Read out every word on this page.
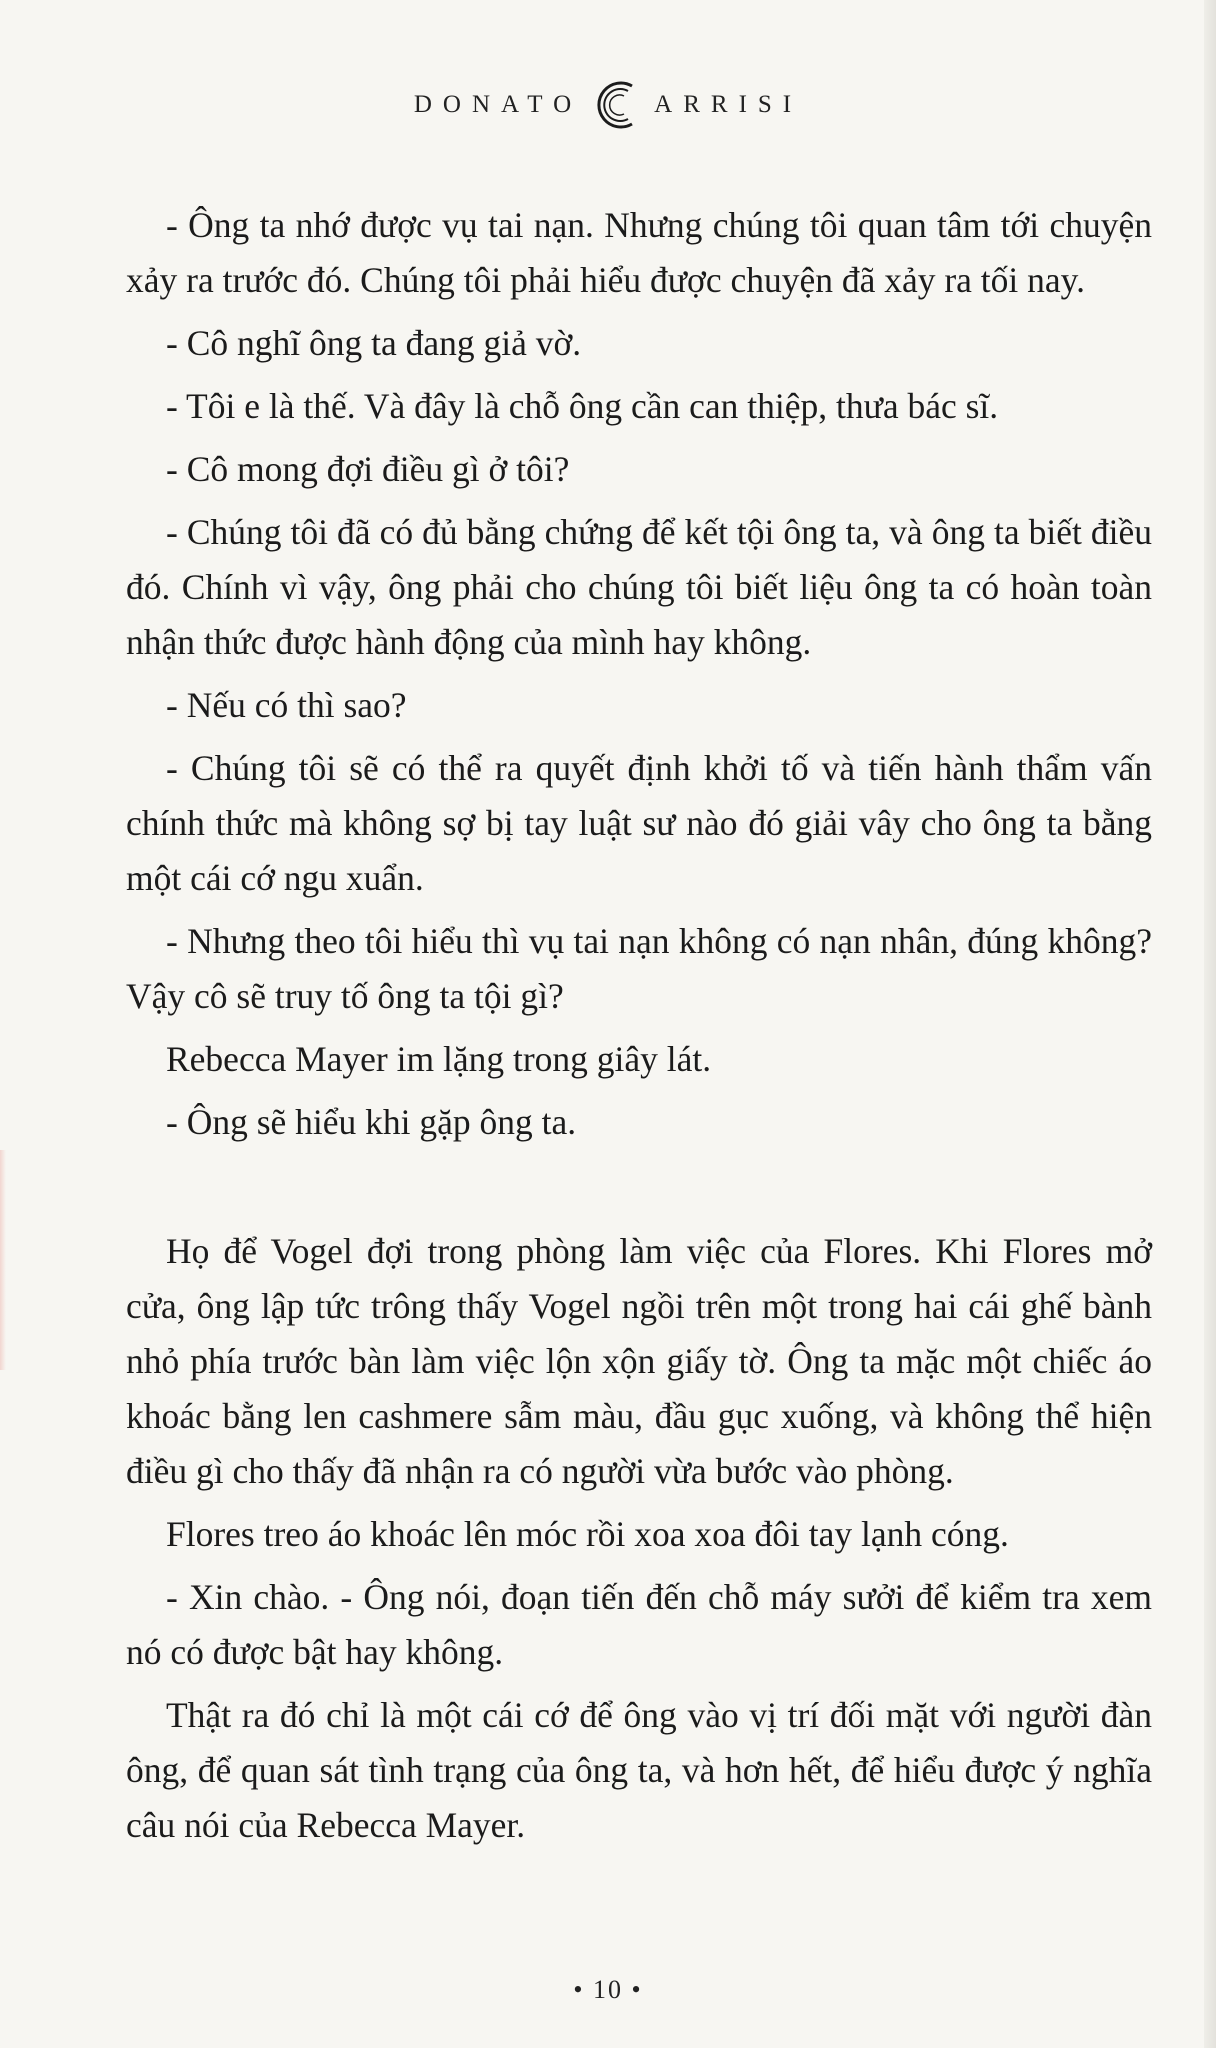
DONATO	ARRISI

- Ông ta nhớ được vụ tai nạn. Nhưng chúng tôi quan tâm tới chuyện xảy ra trước đó. Chúng tôi phải hiểu được chuyện đã xảy ra tối nay.

- Cô nghĩ ông ta đang giả vờ.

- Tôi e là thế. Và đây là chỗ ông cần can thiệp, thưa bác sĩ.

- Cô mong đợi điều gì ở tôi?

- Chúng tôi đã có đủ bằng chứng để kết tội ông ta, và ông ta biết điều đó. Chính vì vậy, ông phải cho chúng tôi biết liệu ông ta có hoàn toàn nhận thức được hành động của mình hay không.

- Nếu có thì sao?

- Chúng tôi sẽ có thể ra quyết định khởi tố và tiến hành thẩm vấn chính thức mà không sợ bị tay luật sư nào đó giải vây cho ông ta bằng một cái cớ ngu xuẩn.

- Nhưng theo tôi hiểu thì vụ tai nạn không có nạn nhân, đúng không? Vậy cô sẽ truy tố ông ta tội gì?

Rebecca Mayer im lặng trong giây lát.

- Ông sẽ hiểu khi gặp ông ta.

Họ để Vogel đợi trong phòng làm việc của Flores. Khi Flores mở cửa, ông lập tức trông thấy Vogel ngồi trên một trong hai cái ghế bành nhỏ phía trước bàn làm việc lộn xộn giấy tờ. Ông ta mặc một chiếc áo khoác bằng len cashmere sẫm màu, đầu gục xuống, và không thể hiện điều gì cho thấy đã nhận ra có người vừa bước vào phòng.

Flores treo áo khoác lên móc rồi xoa xoa đôi tay lạnh cóng.

- Xin chào. - Ông nói, đoạn tiến đến chỗ máy sưởi để kiểm tra xem nó có được bật hay không.

Thật ra đó chỉ là một cái cớ để ông vào vị trí đối mặt với người đàn ông, để quan sát tình trạng của ông ta, và hơn hết, để hiểu được ý nghĩa câu nói của Rebecca Mayer.

• 10 •
